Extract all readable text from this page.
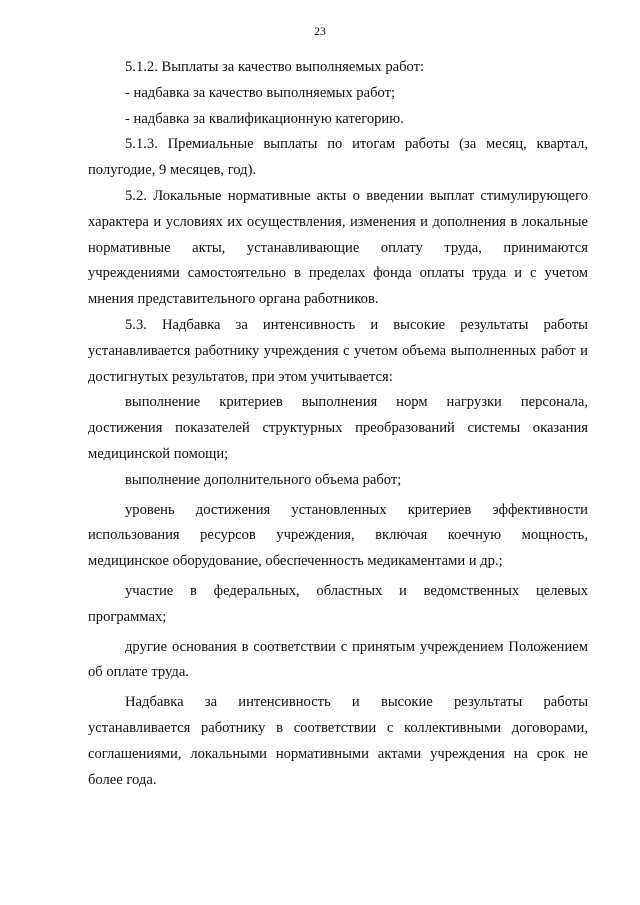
23

5.1.2. Выплаты за качество выполняемых работ:

- надбавка за качество выполняемых работ;

- надбавка за квалификационную категорию.

5.1.3. Премиальные выплаты по итогам работы (за месяц, квартал, полугодие, 9 месяцев, год).

5.2. Локальные нормативные акты о введении выплат стимулирующего характера и условиях их осуществления, изменения и дополнения в локальные нормативные акты, устанавливающие оплату труда, принимаются учреждениями самостоятельно в пределах фонда оплаты труда и с учетом мнения представительного органа работников.

5.3. Надбавка за интенсивность и высокие результаты работы устанавливается работнику учреждения с учетом объема выполненных работ и достигнутых результатов, при этом учитывается:

выполнение критериев выполнения норм нагрузки персонала, достижения показателей структурных преобразований системы оказания медицинской помощи;

выполнение дополнительного объема работ;

уровень достижения установленных критериев эффективности использования ресурсов учреждения, включая коечную мощность, медицинское оборудование, обеспеченность медикаментами и др.;

участие в федеральных, областных и ведомственных целевых программах;

другие основания в соответствии с принятым учреждением Положением об оплате труда.

Надбавка за интенсивность и высокие результаты работы устанавливается работнику в соответствии с коллективными договорами, соглашениями, локальными нормативными актами учреждения на срок не более года.
